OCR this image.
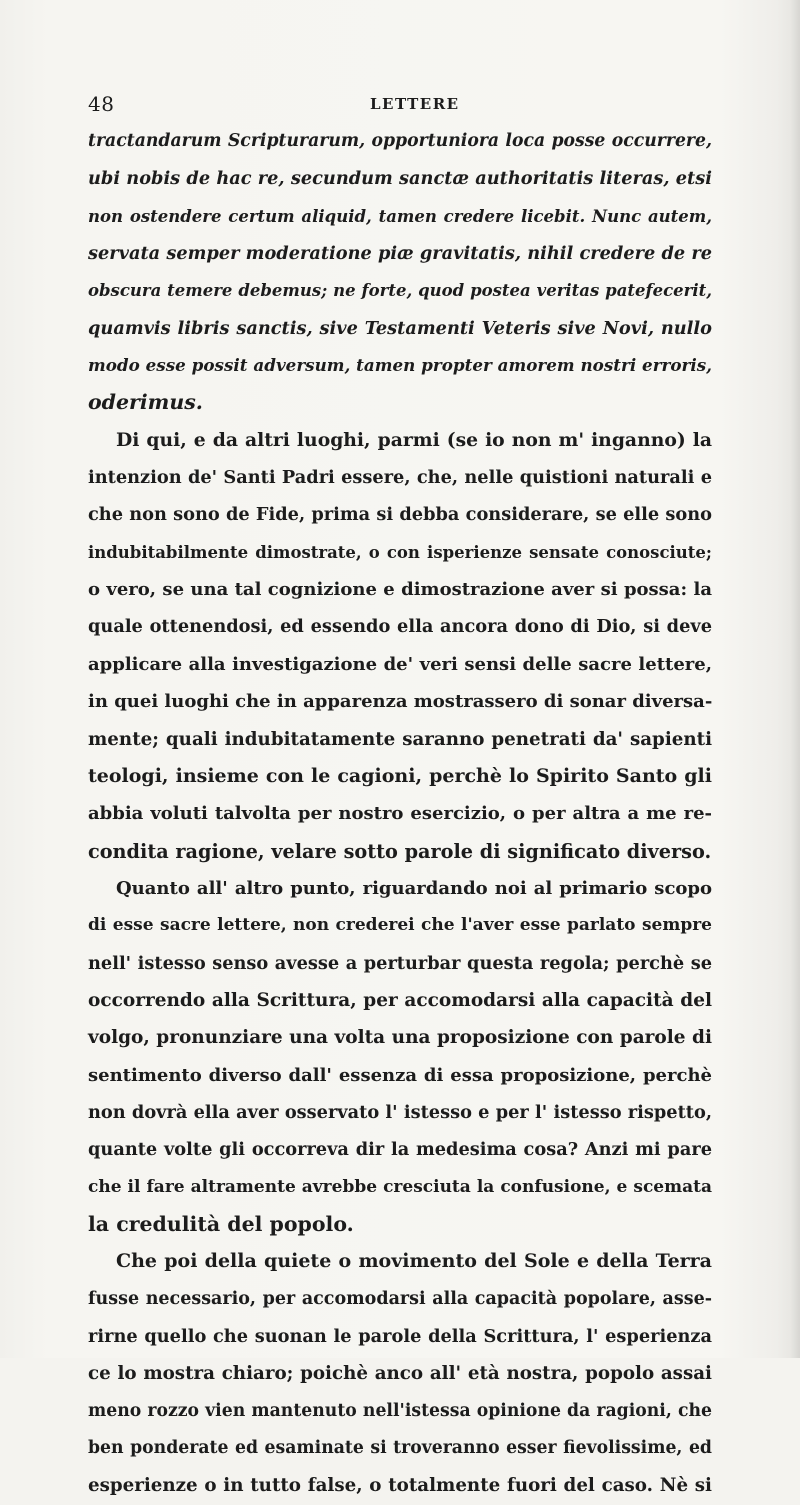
48	LETTERE
tractandarum Scripturarum, opportuniora loca posse occurrere,
ubi nobis de hac re, secundum sanctæ authoritatis literas, etsi
non ostendere certum aliquid, tamen credere licebit. Nunc autem,
servata semper moderatione piæ gravitatis, nihil credere de re
obscura temere debemus; ne forte, quod postea veritas patefecerit,
quamvis libris sanctis, sive Testamenti Veteris sive Novi, nullo
modo esse possit adversum, tamen propter amorem nostri erroris,
oderimus.
Di qui, e da altri luoghi, parmi (se io non m' inganno) la
intenzion de' Santi Padri essere, che, nelle quistioni naturali e
che non sono de Fide, prima si debba considerare, se elle sono
indubitabilmente dimostrate, o con isperienze sensate conosciute;
o vero, se una tal cognizione e dimostrazione aver si possa: la
quale ottenendosi, ed essendo ella ancora dono di Dio, si deve
applicare alla investigazione de' veri sensi delle sacre lettere,
in quei luoghi che in apparenza mostrassero di sonar diversa-
mente; quali indubitatamente saranno penetrati da' sapienti
teologi, insieme con le cagioni, perchè lo Spirito Santo gli
abbia voluti talvolta per nostro esercizio, o per altra a me re-
condita ragione, velare sotto parole di significato diverso.
Quanto all' altro punto, riguardando noi al primario scopo
di esse sacre lettere, non crederei che l'aver esse parlato sempre
nell' istesso senso avesse a perturbar questa regola; perchè se
occorrendo alla Scrittura, per accomodarsi alla capacità del
volgo, pronunziare una volta una proposizione con parole di
sentimento diverso dall' essenza di essa proposizione, perchè
non dovrà ella aver osservato l' istesso e per l' istesso rispetto,
quante volte gli occorreva dir la medesima cosa? Anzi mi pare
che il fare altramente avrebbe cresciuta la confusione, e scemata
la credulità del popolo.
Che poi della quiete o movimento del Sole e della Terra
fusse necessario, per accomodarsi alla capacità popolare, asse-
rirne quello che suonan le parole della Scrittura, l' esperienza
ce lo mostra chiaro; poichè anco all' età nostra, popolo assai
meno rozzo vien mantenuto nell'istessa opinione da ragioni, che
ben ponderate ed esaminate si troveranno esser fievolissime, ed
esperienze o in tutto false, o totalmente fuori del caso. Nè si
